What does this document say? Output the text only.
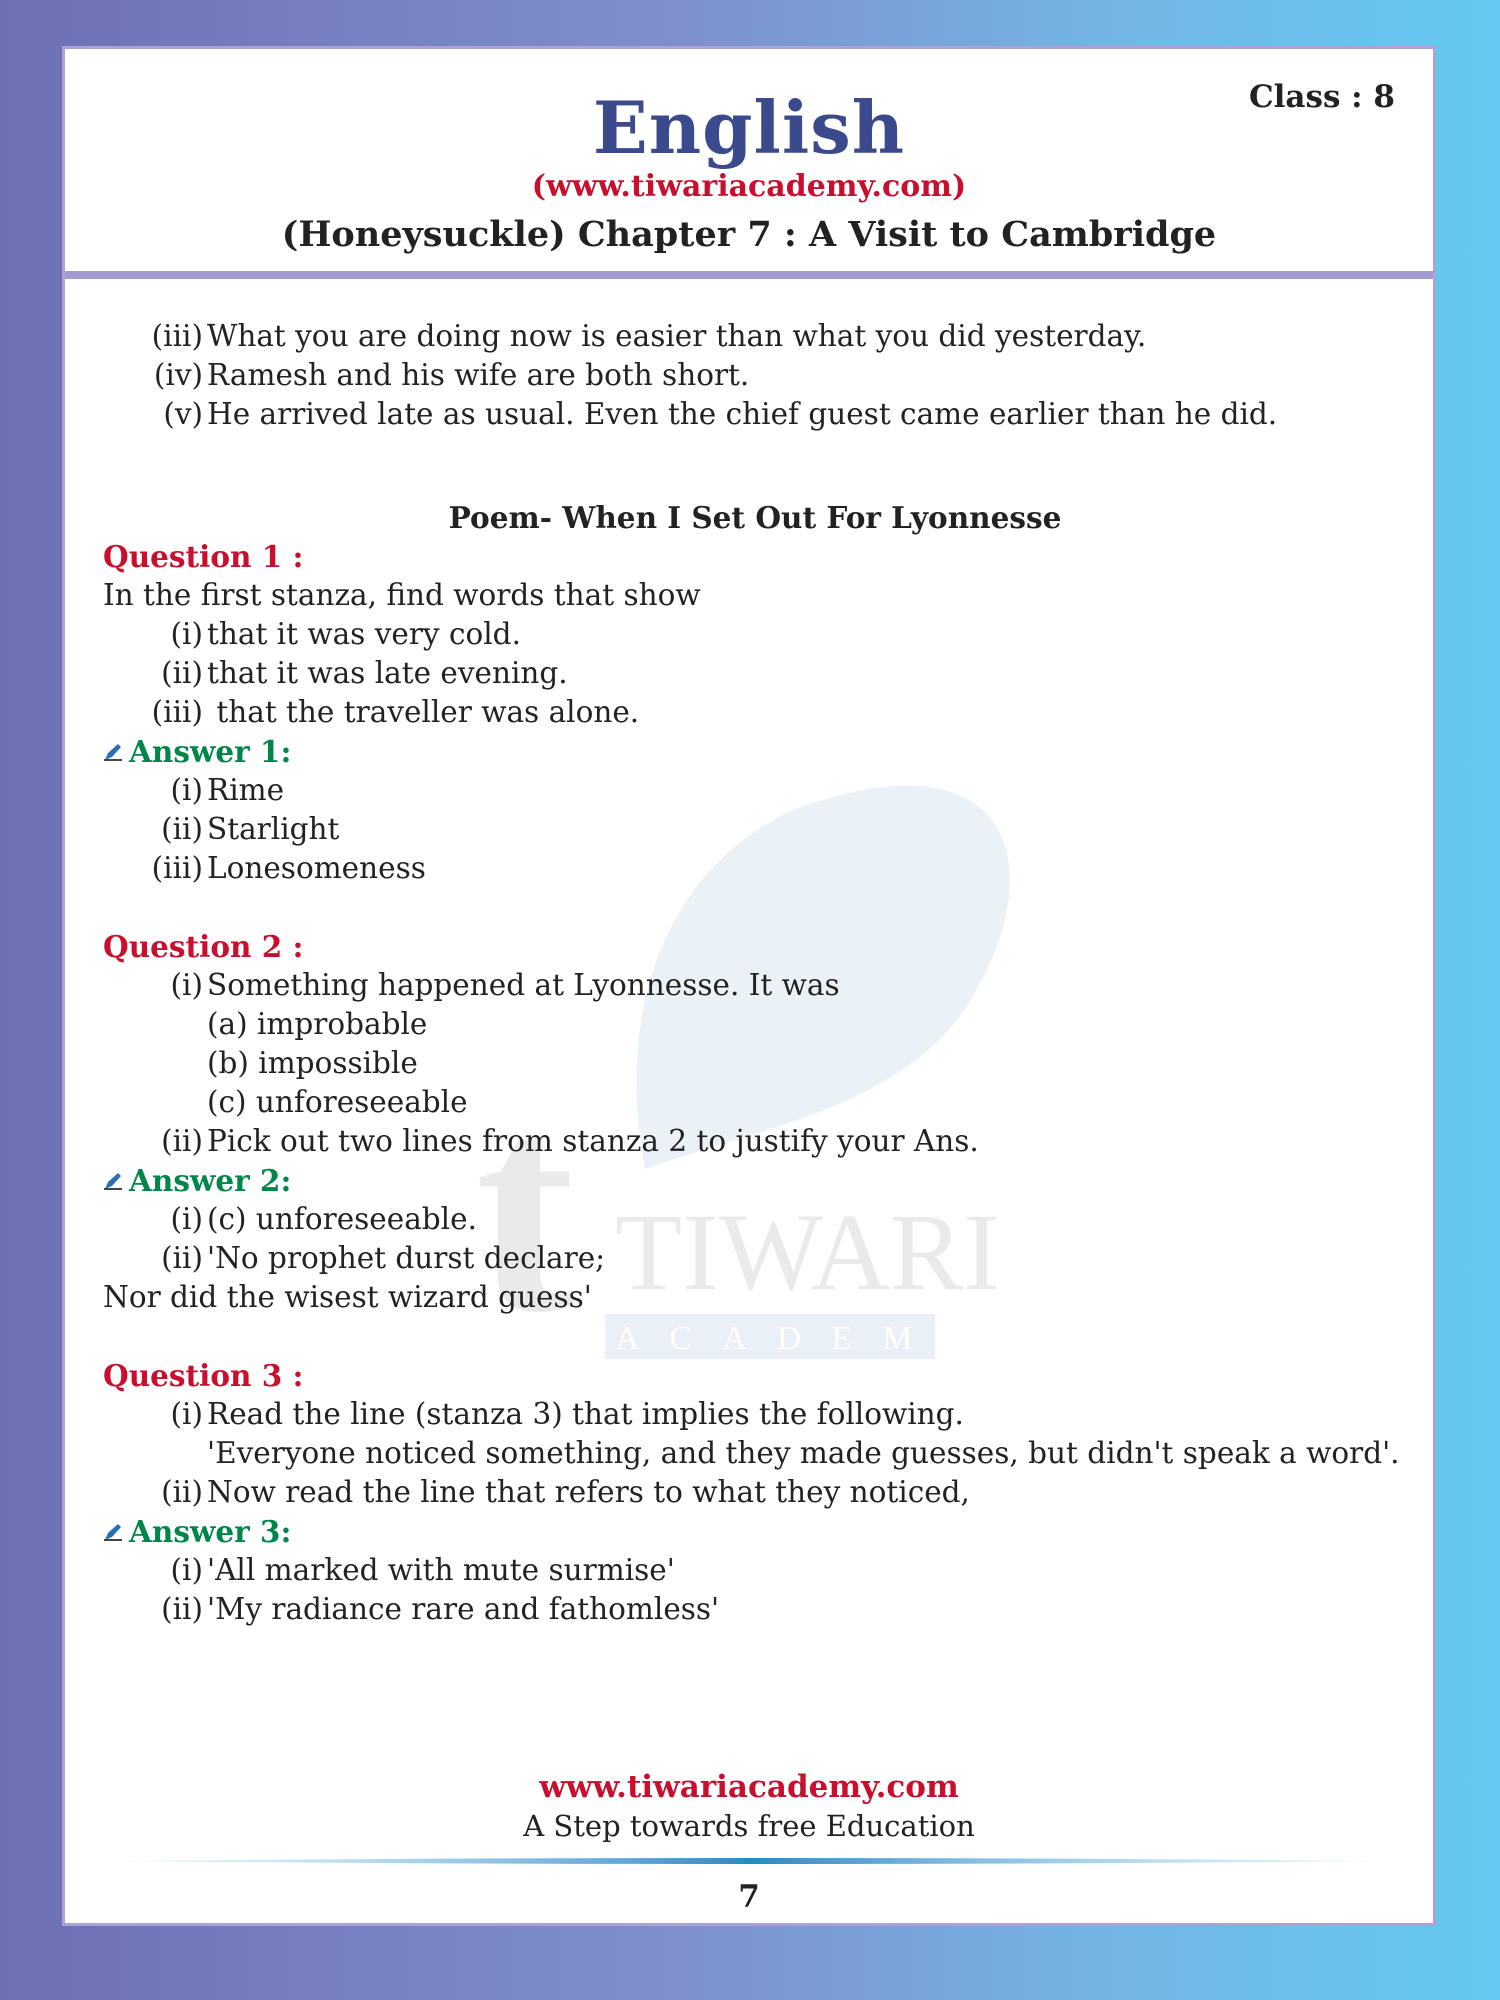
English
(www.tiwariacademy.com)
(Honeysuckle) Chapter 7 : A Visit to Cambridge
Class : 8
t TIWARI
ACADEMY
(iii) What you are doing now is easier than what you did yesterday.
(iv) Ramesh and his wife are both short.
(v) He arrived late as usual. Even the chief guest came earlier than he did.
Poem- When I Set Out For Lyonnesse
Question 1 :
In the first stanza, find words that show
(i) that it was very cold.
(ii) that it was late evening.
(iii) that the traveller was alone.
Answer 1:
(i) Rime
(ii) Starlight
(iii) Lonesomeness
Question 2 :
(i) Something happened at Lyonnesse. It was
(a) improbable
(b) impossible
(c) unforeseeable
(ii) Pick out two lines from stanza 2 to justify your Ans.
Answer 2:
(i) (c) unforeseeable.
(ii) 'No prophet durst declare;
Nor did the wisest wizard guess'
Question 3 :
(i) Read the line (stanza 3) that implies the following.
'Everyone noticed something, and they made guesses, but didn't speak a word'.
(ii) Now read the line that refers to what they noticed,
Answer 3:
(i) 'All marked with mute surmise'
(ii) 'My radiance rare and fathomless'
www.tiwariacademy.com
A Step towards free Education
7
